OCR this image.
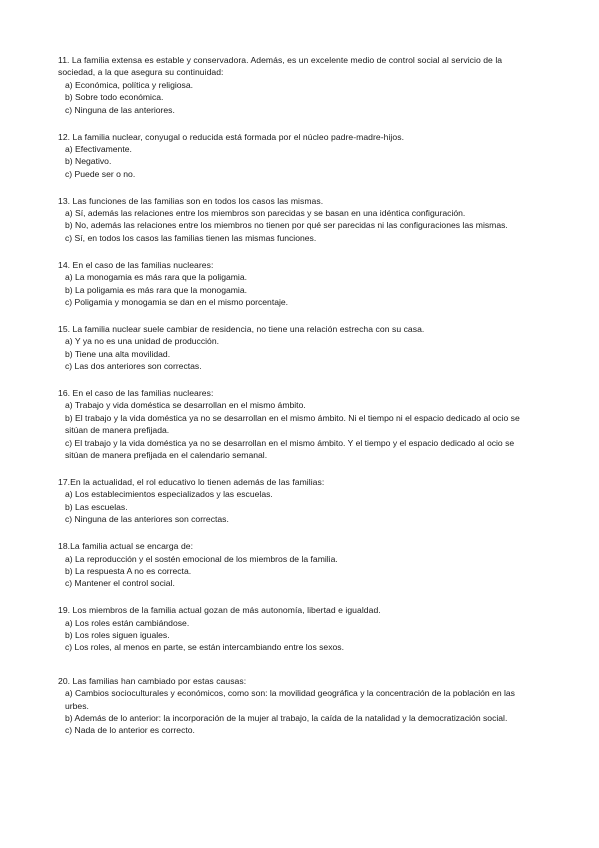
11. La familia extensa es estable y conservadora. Además, es un excelente medio de control social al servicio de la sociedad, a la que asegura su continuidad:
a) Económica, política y religiosa.
b) Sobre todo económica.
c) Ninguna de las anteriores.
12. La familia nuclear, conyugal o reducida está formada por el núcleo padre-madre-hijos.
a) Efectivamente.
b) Negativo.
c) Puede ser o no.
13. Las funciones de las familias son en todos los casos las mismas.
a) Sí, además las relaciones entre los miembros son parecidas y se basan en una idéntica configuración.
b) No, además las relaciones entre los miembros no tienen por qué ser parecidas ni las configuraciones las mismas.
c) Sí, en todos los casos las familias tienen las mismas funciones.
14. En el caso de las familias nucleares:
a) La monogamia es más rara que la poligamia.
b) La poligamia es más rara que la monogamia.
c) Poligamia y monogamia se dan en el mismo porcentaje.
15. La familia nuclear suele cambiar de residencia, no tiene una relación estrecha con su casa.
a) Y ya no es una unidad de producción.
b) Tiene una alta movilidad.
c) Las dos anteriores son correctas.
16. En el caso de las familias nucleares:
a) Trabajo y vida doméstica se desarrollan en el mismo ámbito.
b) El trabajo y la vida doméstica ya no se desarrollan en el mismo ámbito. Ni el tiempo ni el espacio dedicado al ocio se sitúan de manera prefijada.
c) El trabajo y la vida doméstica ya no se desarrollan en el mismo ámbito. Y el tiempo y el espacio dedicado al ocio se sitúan de manera prefijada en el calendario semanal.
17.En la actualidad, el rol educativo lo tienen además de las familias:
a) Los establecimientos especializados y las escuelas.
b) Las escuelas.
c) Ninguna de las anteriores son correctas.
18.La familia actual se encarga de:
a) La reproducción y el sostén emocional de los miembros de la familia.
b) La respuesta A no es correcta.
c) Mantener el control social.
19. Los miembros de la familia actual gozan de más autonomía, libertad e igualdad.
a) Los roles están cambiándose.
b) Los roles siguen iguales.
c) Los roles, al menos en parte, se están intercambiando entre los sexos.
20. Las familias han cambiado por estas causas:
a) Cambios socioculturales y económicos, como son: la movilidad geográfica y la concentración de la población en las urbes.
b) Además de lo anterior: la incorporación de la mujer al trabajo, la caída de la natalidad y la democratización social.
c) Nada de lo anterior es correcto.
